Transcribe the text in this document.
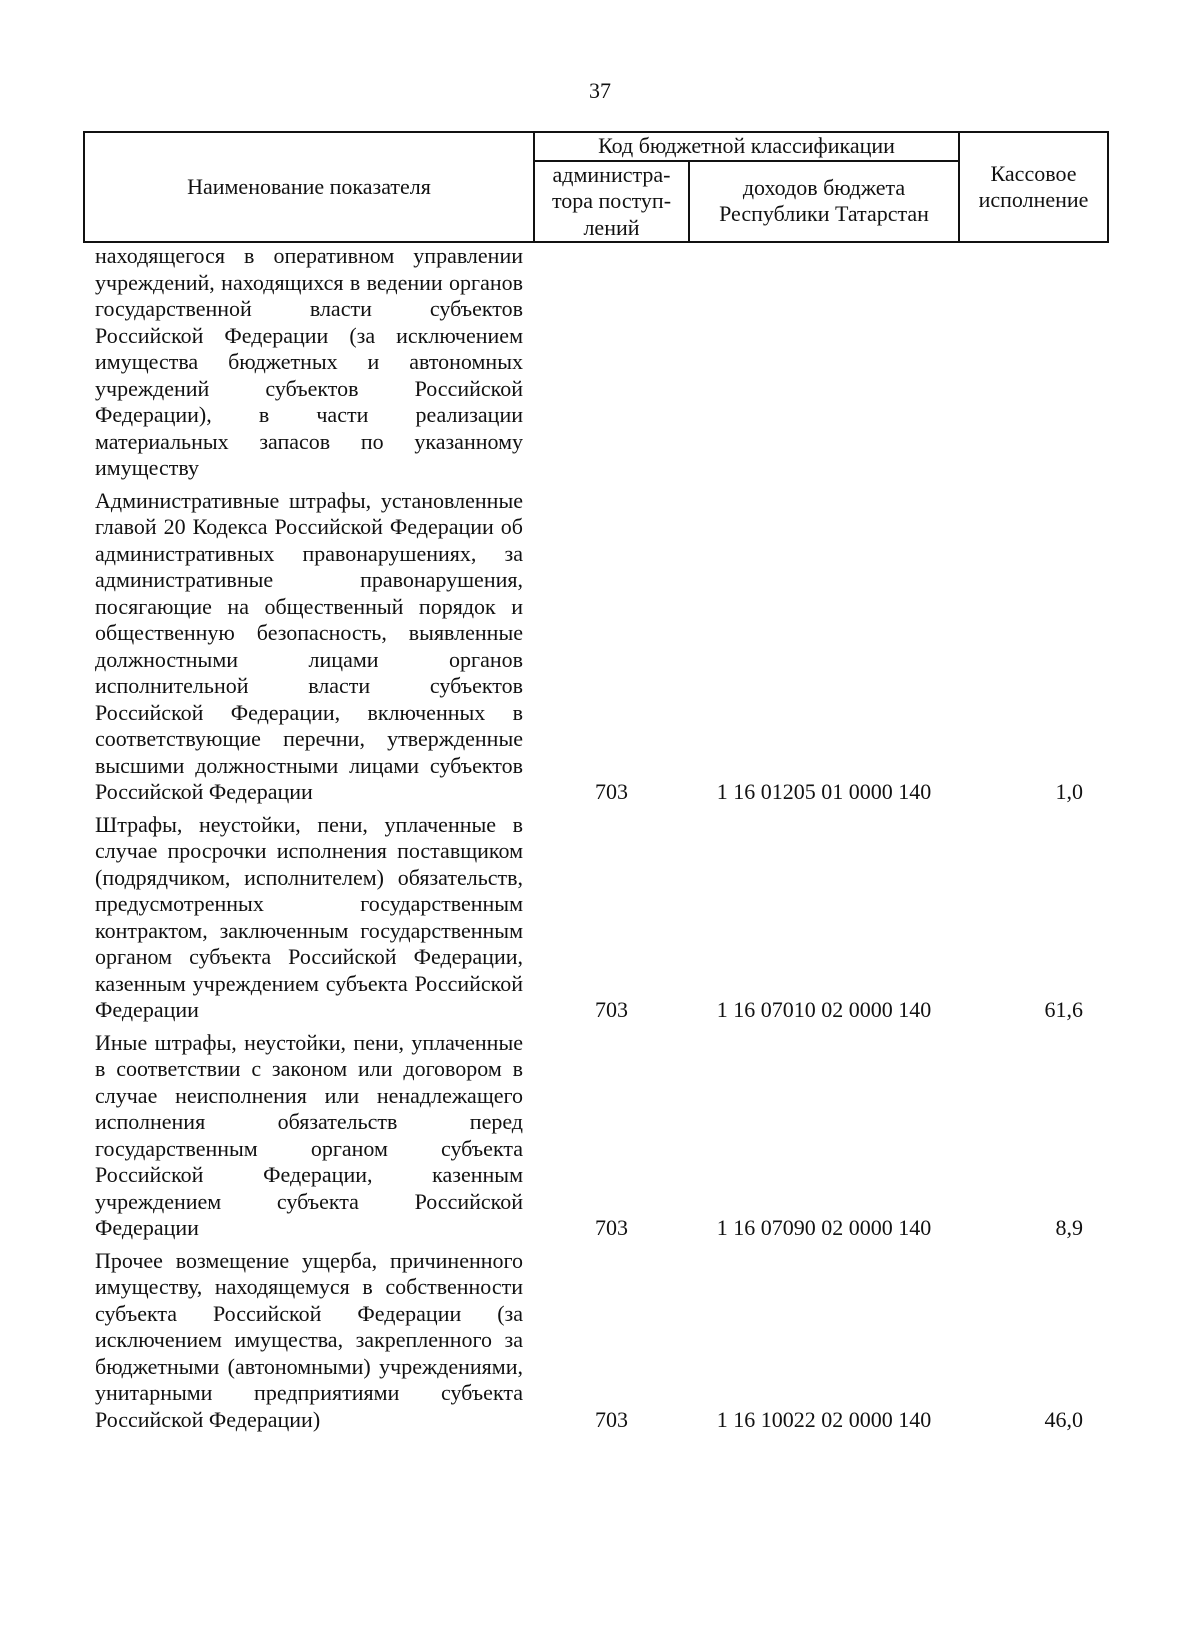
37
Наименование показателя	Код бюджетной классификации		Кассовое исполнение
	администра-тора поступ-лений	доходов бюджета Республики Татарстан	
находящегося в оперативном управлении учреждений, находящихся в ведении органов государственной власти субъектов Российской Федерации (за исключением имущества бюджетных и автономных учреждений субъектов Российской Федерации), в части реализации материальных запасов по указанному имуществу			
Административные штрафы, установленные главой 20 Кодекса Российской Федерации об административных правонарушениях, за административные правонарушения, посягающие на общественный порядок и общественную безопасность, выявленные должностными лицами органов исполнительной власти субъектов Российской Федерации, включенных в соответствующие перечни, утвержденные высшими должностными лицами субъектов Российской Федерации	703	1 16 01205 01 0000 140	1,0
Штрафы, неустойки, пени, уплаченные в случае просрочки исполнения поставщиком (подрядчиком, исполнителем) обязательств, предусмотренных государственным контрактом, заключенным государственным органом субъекта Российской Федерации, казенным учреждением субъекта Российской Федерации	703	1 16 07010 02 0000 140	61,6
Иные штрафы, неустойки, пени, уплаченные в соответствии с законом или договором в случае неисполнения или ненадлежащего исполнения обязательств перед государственным органом субъекта Российской Федерации, казенным учреждением субъекта Российской Федерации	703	1 16 07090 02 0000 140	8,9
Прочее возмещение ущерба, причиненного имуществу, находящемуся в собственности субъекта Российской Федерации (за исключением имущества, закрепленного за бюджетными (автономными) учреждениями, унитарными предприятиями субъекта Российской Федерации)	703	1 16 10022 02 0000 140	46,0
